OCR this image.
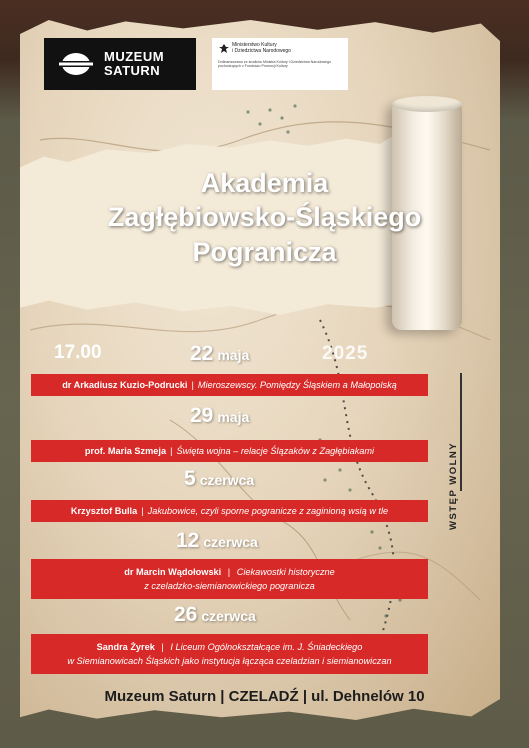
MUZEUM
SATURN
Ministerstwo Kultury
i Dziedzictwa Narodowego
Dofinansowano ze środków Ministra Kultury i Dziedzictwa Narodowego pochodzących z Funduszu Promocji Kultury
Akademia
Zagłębiowsko-Śląskiego
Pogranicza
17.00	2025
22 maja
dr Arkadiusz Kuzio-Podrucki | Mieroszewscy. Pomiędzy Śląskiem a Małopolską
29 maja
prof. Maria Szmeja | Święta wojna – relacje Ślązaków z Zagłębiakami
5 czerwca
Krzysztof Bulla | Jakubowice, czyli sporne pogranicze z zaginioną wsią w tle
12 czerwca
dr Marcin Wądołowski | Ciekawostki historyczne
z czeladzko-siemianowickiego pogranicza
26 czerwca
Sandra Żyrek | I Liceum Ogólnokształcące im. J. Śniadeckiego
w Siemianowicach Śląskich jako instytucja łącząca czeladzian i siemianowiczan
WSTĘP WOLNY
Muzeum Saturn | CZELADŹ | ul. Dehnelów 10
